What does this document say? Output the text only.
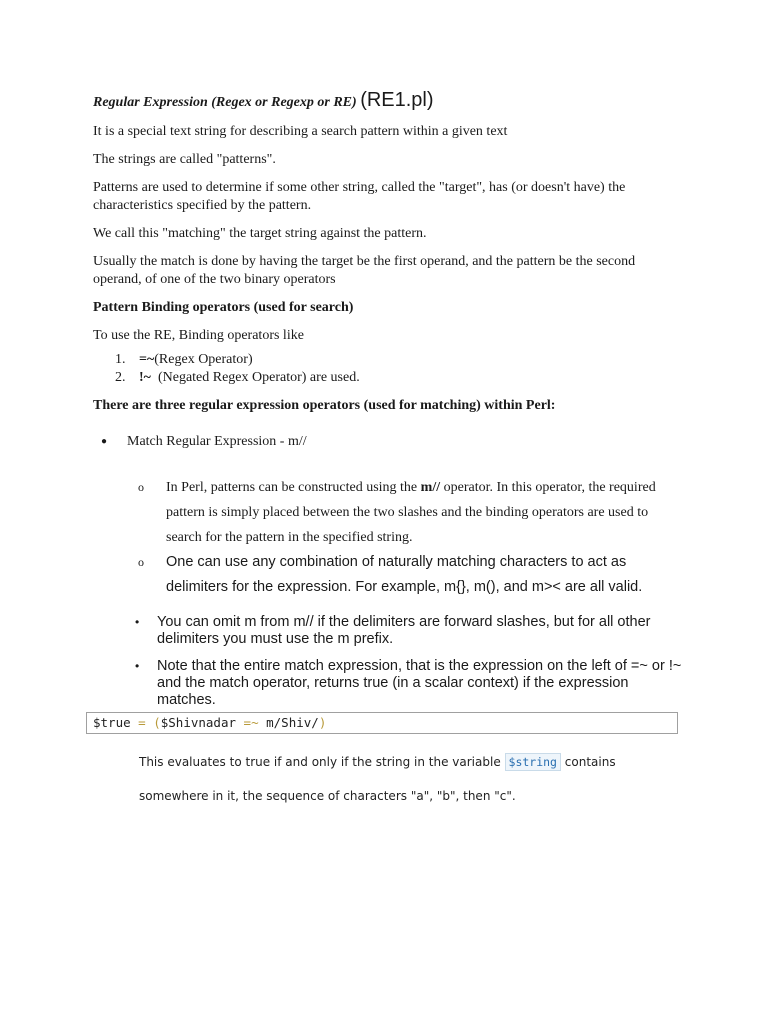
Regular Expression (Regex or Regexp or RE) (RE1.pl)

It is a special text string for describing a search pattern within a given text

The strings are called "patterns".

Patterns are used to determine if some other string, called the "target", has (or doesn't have) the characteristics specified by the pattern.

We call this "matching" the target string against the pattern.

Usually the match is done by having the target be the first operand, and the pattern be the second operand, of one of the two binary operators

Pattern Binding operators (used for search)

To use the RE, Binding operators like

1. =~ (Regex Operator)
2. !~ (Negated Regex Operator) are used.

There are three regular expression operators (used for matching) within Perl:

●	Match Regular Expression - m//
o	In Perl, patterns can be constructed using the m// operator. In this operator, the required pattern is simply placed between the two slashes and the binding operators are used to search for the pattern in the specified string.
o	One can use any combination of naturally matching characters to act as delimiters for the expression. For example, m{}, m(), and m>< are all valid.
•	You can omit m from m// if the delimiters are forward slashes, but for all other delimiters you must use the m prefix.
•	Note that the entire match expression, that is the expression on the left of =~ or !~ and the match operator, returns true (in a scalar context) if the expression matches.
$true = ($Shivnadar =~ m/Shiv/)
This evaluates to true if and only if the string in the variable $string contains
somewhere in it, the sequence of characters "a", "b", then "c".
